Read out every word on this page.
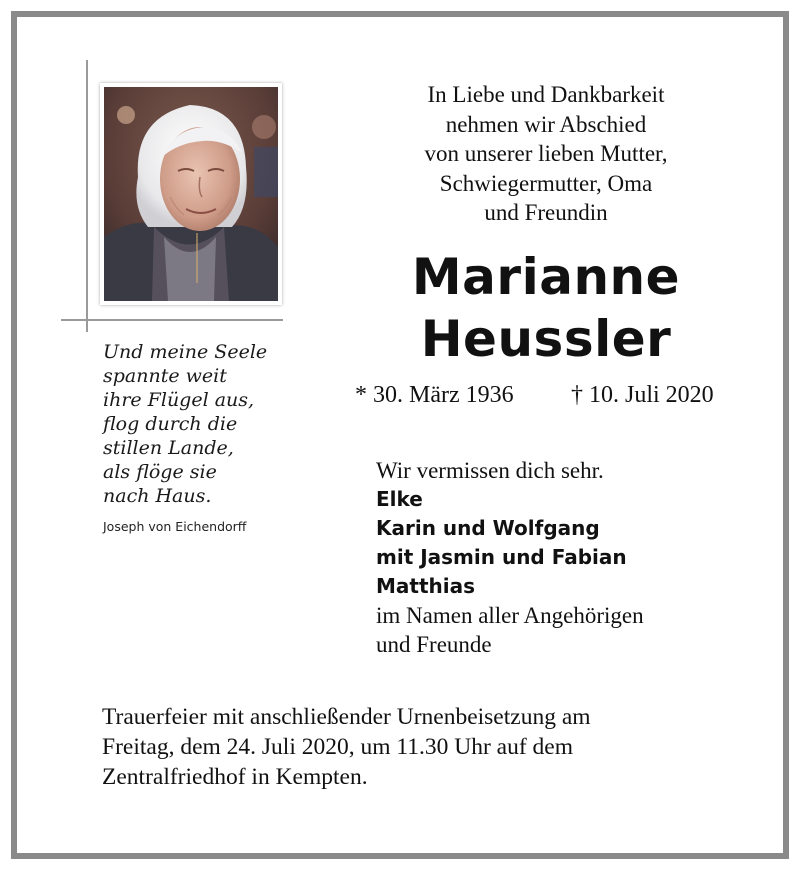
Und meine Seele
spannte weit
ihre Flügel aus,
flog durch die
stillen Lande,
als flöge sie
nach Haus.
Joseph von Eichendorff
In Liebe und Dankbarkeit
nehmen wir Abschied
von unserer lieben Mutter,
Schwiegermutter, Oma
und Freundin
Marianne
Heussler
* 30. März 1936 † 10. Juli 2020
Wir vermissen dich sehr.
Elke
Karin und Wolfgang
mit Jasmin und Fabian
Matthias
im Namen aller Angehörigen
und Freunde
Trauerfeier mit anschließender Urnenbeisetzung am
Freitag, dem 24. Juli 2020, um 11.30 Uhr auf dem
Zentralfriedhof in Kempten.
